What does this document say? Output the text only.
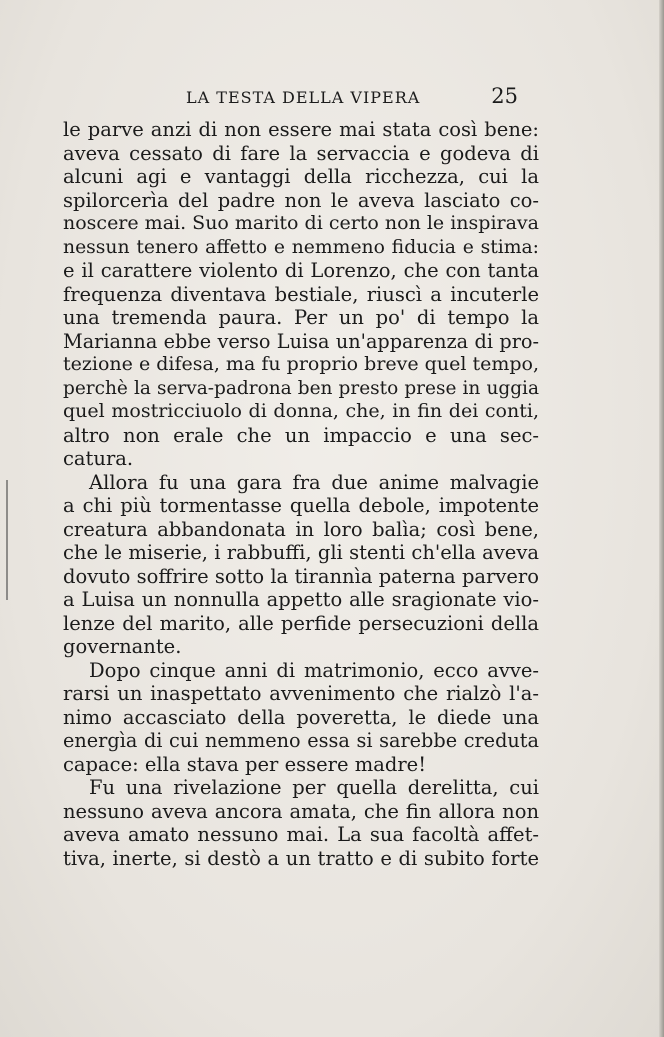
LA TESTA DELLA VIPERA	25
le parve anzi di non essere mai stata così bene:
aveva cessato di fare la servaccia e godeva di
alcuni agi e vantaggi della ricchezza, cui la
spilorcerìa del padre non le aveva lasciato co-
noscere mai. Suo marito di certo non le inspirava
nessun tenero affetto e nemmeno fiducia e stima:
e il carattere violento di Lorenzo, che con tanta
frequenza diventava bestiale, riuscì a incuterle
una tremenda paura. Per un po' di tempo la
Marianna ebbe verso Luisa un'apparenza di pro-
tezione e difesa, ma fu proprio breve quel tempo,
perchè la serva-padrona ben presto prese in uggia
quel mostricciuolo di donna, che, in fin dei conti,
altro non erale che un impaccio e una sec-
catura.
Allora fu una gara fra due anime malvagie
a chi più tormentasse quella debole, impotente
creatura abbandonata in loro balìa; così bene,
che le miserie, i rabbuffi, gli stenti ch'ella aveva
dovuto soffrire sotto la tirannìa paterna parvero
a Luisa un nonnulla appetto alle sragionate vio-
lenze del marito, alle perfide persecuzioni della
governante.
Dopo cinque anni di matrimonio, ecco avve-
rarsi un inaspettato avvenimento che rialzò l'a-
nimo accasciato della poveretta, le diede una
energìa di cui nemmeno essa si sarebbe creduta
capace: ella stava per essere madre!
Fu una rivelazione per quella derelitta, cui
nessuno aveva ancora amata, che fin allora non
aveva amato nessuno mai. La sua facoltà affet-
tiva, inerte, si destò a un tratto e di subito forte
